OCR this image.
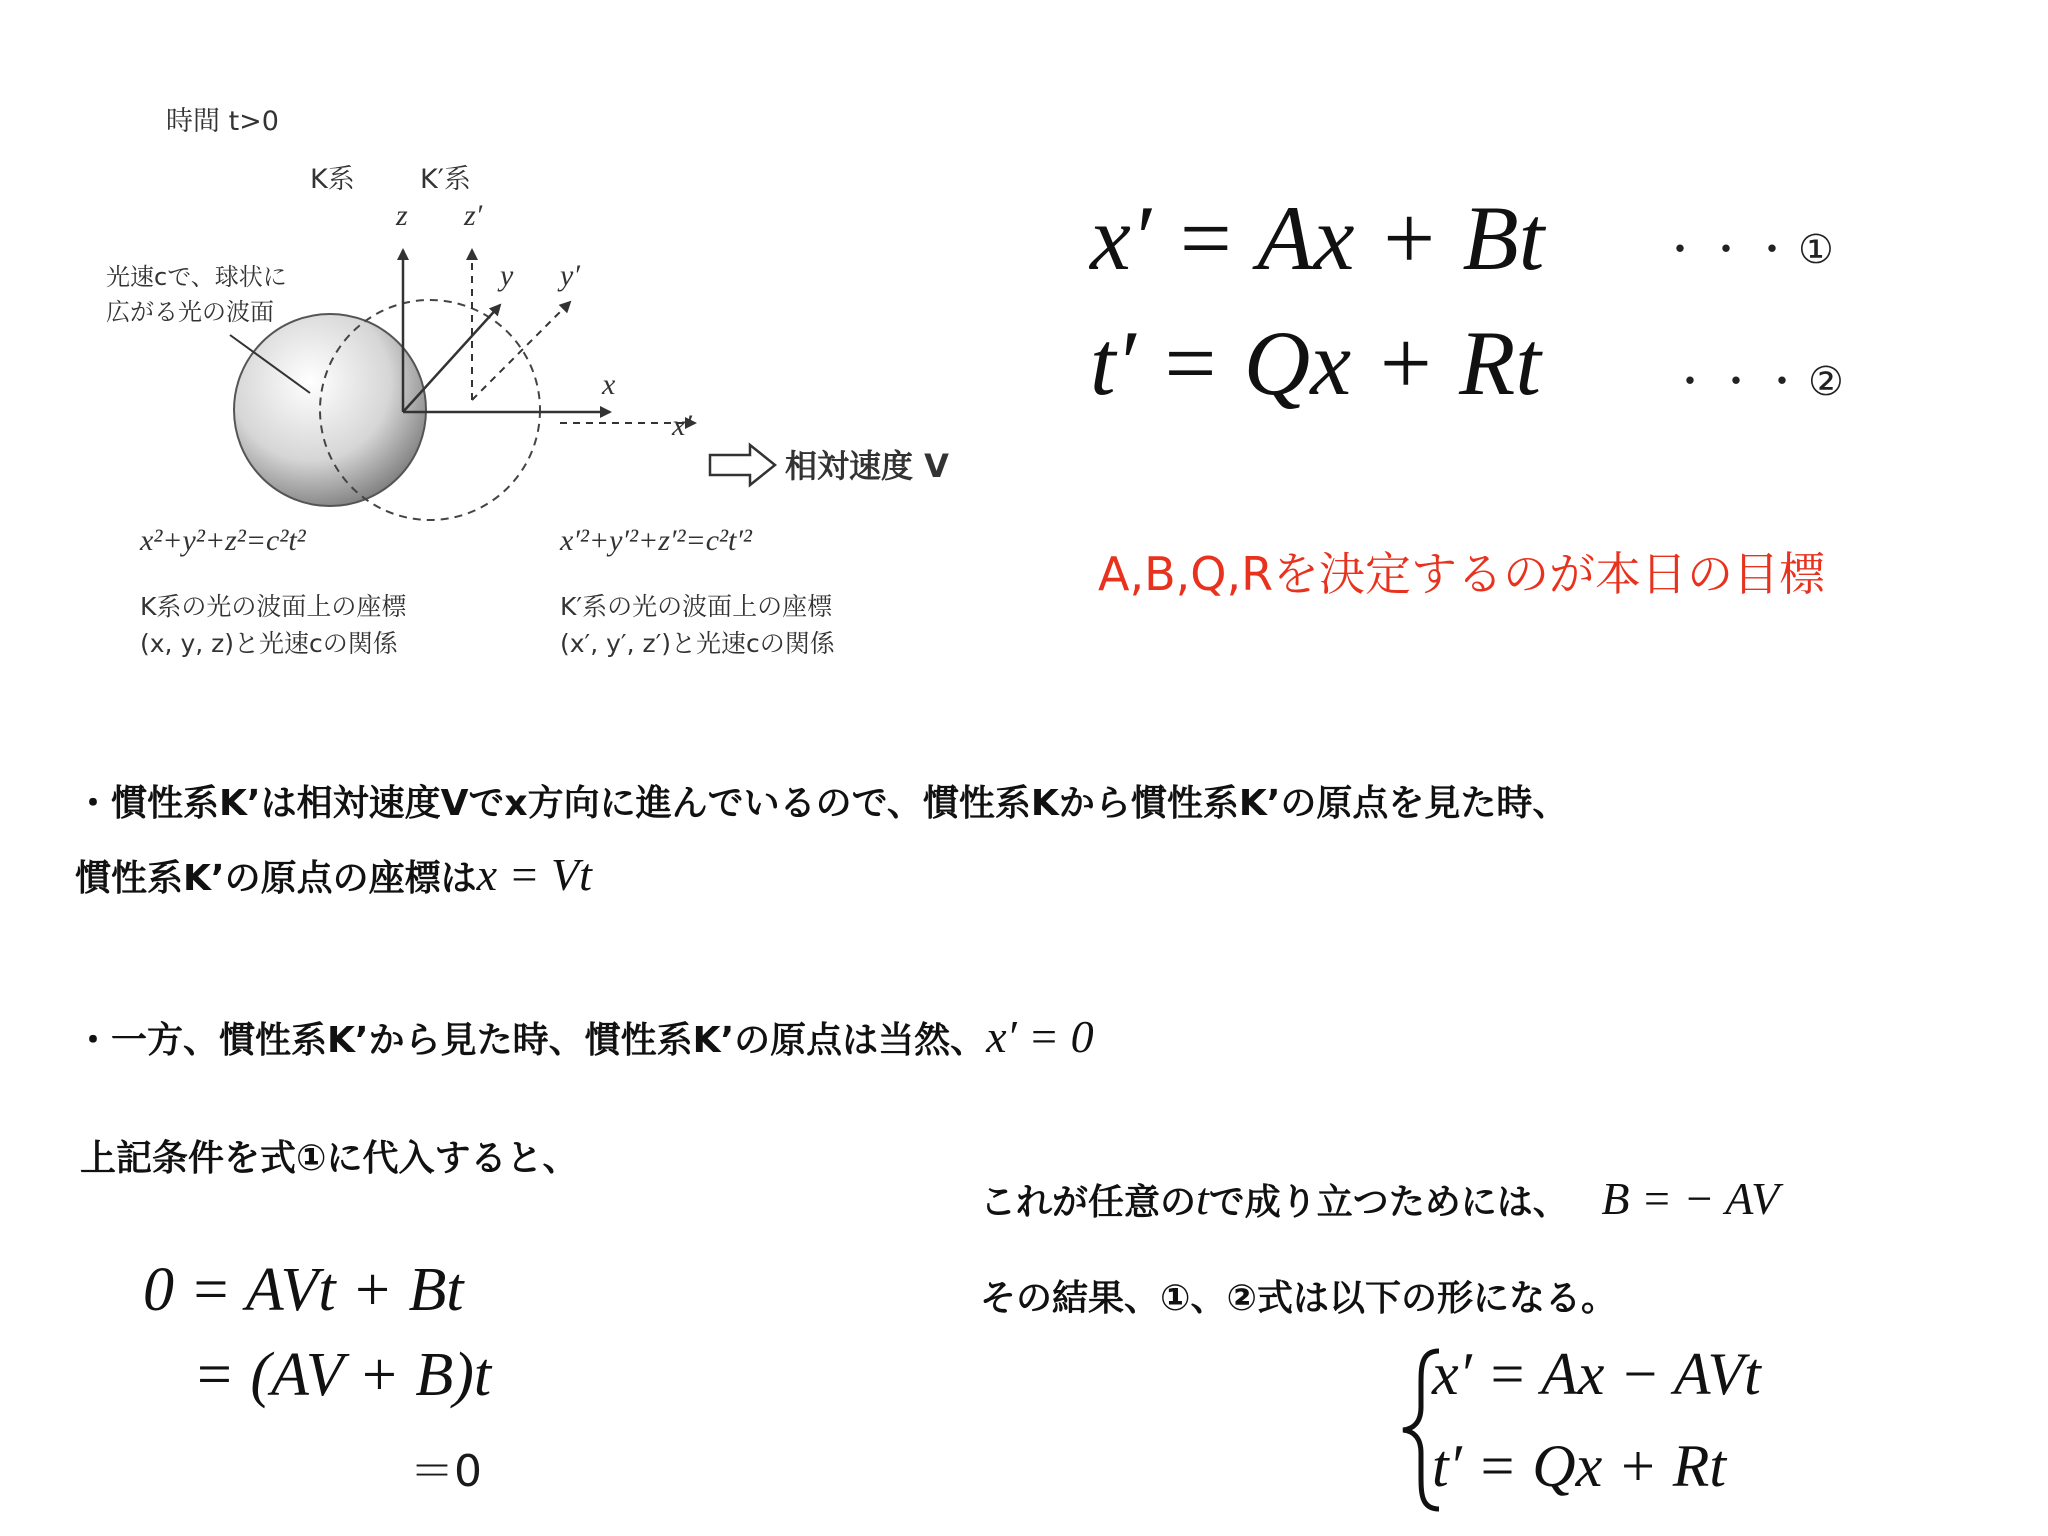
時間 t>0
K系 K′系
z z′
y y′
x
x′
光速cで、球状に
広がる光の波面
相対速度 V
x²+y²+z²=c²t²	x′²+y′²+z′²=c²t′²
K系の光の波面上の座標
(x, y, z)と光速cの関係
K′系の光の波面上の座標
(x′, y′, z′)と光速cの関係
x′ = Ax + Bt	・・・①
t′ = Qx + Rt	・・・②
A,B,Q,Rを決定するのが本日の目標
・慣性系K’は相対速度Vでx方向に進んでいるので、慣性系Kから慣性系K’の原点を見た時、
慣性系K’の原点の座標はx = Vt
・一方、慣性系K’から見た時、慣性系K’の原点は当然、x′ = 0
上記条件を式①に代入すると、
0 = AVt + Bt
= (AV + B)t
＝0
これが任意のtで成り立つためには、 B = − AV
その結果、①、②式は以下の形になる。
x′ = Ax − AVt
t′ = Qx + Rt
